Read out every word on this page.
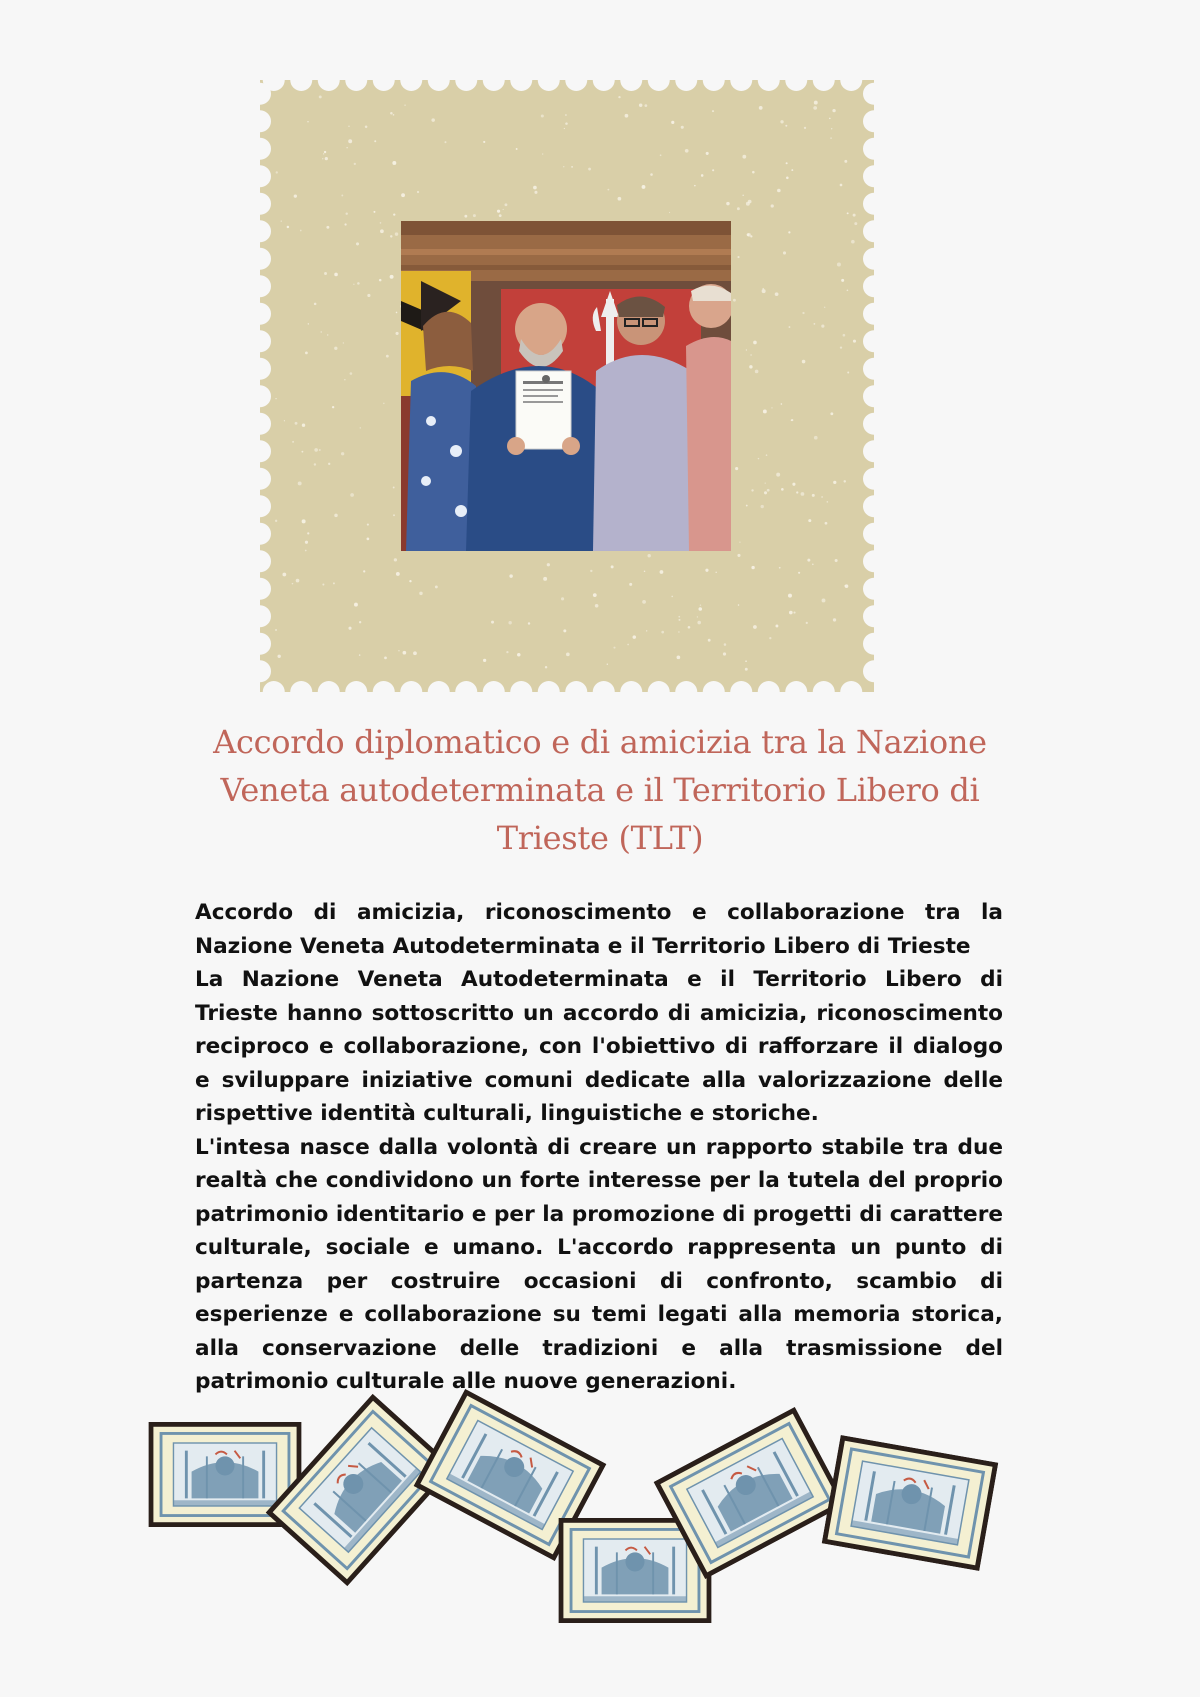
Accordo diplomatico e di amicizia tra la Nazione
Veneta autodeterminata e il Territorio Libero di
Trieste (TLT)

Accordo di amicizia, riconoscimento e collaborazione tra la Nazione Veneta Autodeterminata e il Territorio Libero di Trieste

La Nazione Veneta Autodeterminata e il Territorio Libero di Trieste hanno sottoscritto un accordo di amicizia, riconoscimento reciproco e collaborazione, con l'obiettivo di rafforzare il dialogo e sviluppare iniziative comuni dedicate alla valorizzazione delle rispettive identità culturali, linguistiche e storiche.

L'intesa nasce dalla volontà di creare un rapporto stabile tra due realtà che condividono un forte interesse per la tutela del proprio patrimonio identitario e per la promozione di progetti di carattere culturale, sociale e umano. L'accordo rappresenta un punto di partenza per costruire occasioni di confronto, scambio di esperienze e collaborazione su temi legati alla memoria storica, alla conservazione delle tradizioni e alla trasmissione del patrimonio culturale alle nuove generazioni.
